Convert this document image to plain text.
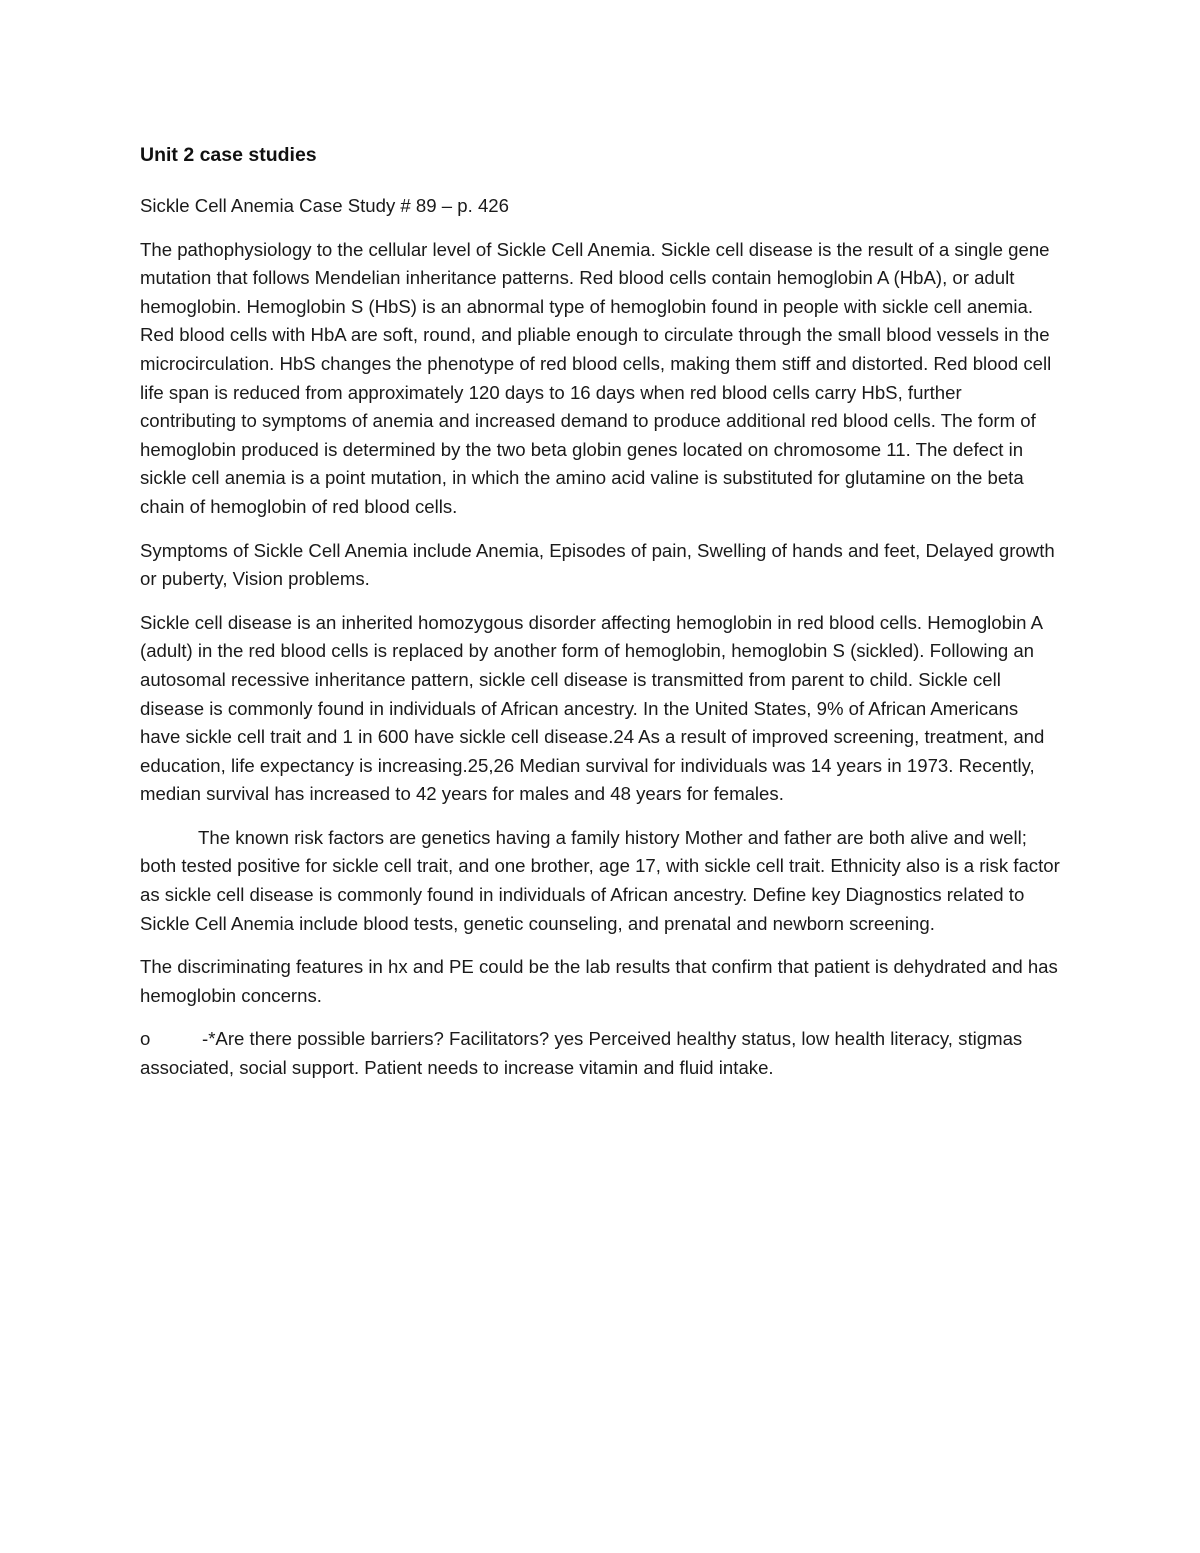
Unit 2 case studies

Sickle Cell Anemia Case Study # 89 – p. 426

The pathophysiology to the cellular level of Sickle Cell Anemia. Sickle cell disease is the result of a single gene mutation that follows Mendelian inheritance patterns. Red blood cells contain hemoglobin A (HbA), or adult hemoglobin. Hemoglobin S (HbS) is an abnormal type of hemoglobin found in people with sickle cell anemia. Red blood cells with HbA are soft, round, and pliable enough to circulate through the small blood vessels in the microcirculation. HbS changes the phenotype of red blood cells, making them stiff and distorted. Red blood cell life span is reduced from approximately 120 days to 16 days when red blood cells carry HbS, further contributing to symptoms of anemia and increased demand to produce additional red blood cells. The form of hemoglobin produced is determined by the two beta globin genes located on chromosome 11. The defect in sickle cell anemia is a point mutation, in which the amino acid valine is substituted for glutamine on the beta chain of hemoglobin of red blood cells.

Symptoms of Sickle Cell Anemia include Anemia, Episodes of pain, Swelling of hands and feet, Delayed growth or puberty, Vision problems.

Sickle cell disease is an inherited homozygous disorder affecting hemoglobin in red blood cells. Hemoglobin A (adult) in the red blood cells is replaced by another form of hemoglobin, hemoglobin S (sickled). Following an autosomal recessive inheritance pattern, sickle cell disease is transmitted from parent to child. Sickle cell disease is commonly found in individuals of African ancestry. In the United States, 9% of African Americans have sickle cell trait and 1 in 600 have sickle cell disease.24 As a result of improved screening, treatment, and education, life expectancy is increasing.25,26 Median survival for individuals was 14 years in 1973. Recently, median survival has increased to 42 years for males and 48 years for females.

The known risk factors are genetics having a family history Mother and father are both alive and well; both tested positive for sickle cell trait, and one brother, age 17, with sickle cell trait. Ethnicity also is a risk factor as sickle cell disease is commonly found in individuals of African ancestry. Define key Diagnostics related to Sickle Cell Anemia include blood tests, genetic counseling, and prenatal and newborn screening.

The discriminating features in hx and PE could be the lab results that confirm that patient is dehydrated and has hemoglobin concerns.

o	-*Are there possible barriers? Facilitators? yes Perceived healthy status, low health literacy, stigmas associated, social support. Patient needs to increase vitamin and fluid intake.
